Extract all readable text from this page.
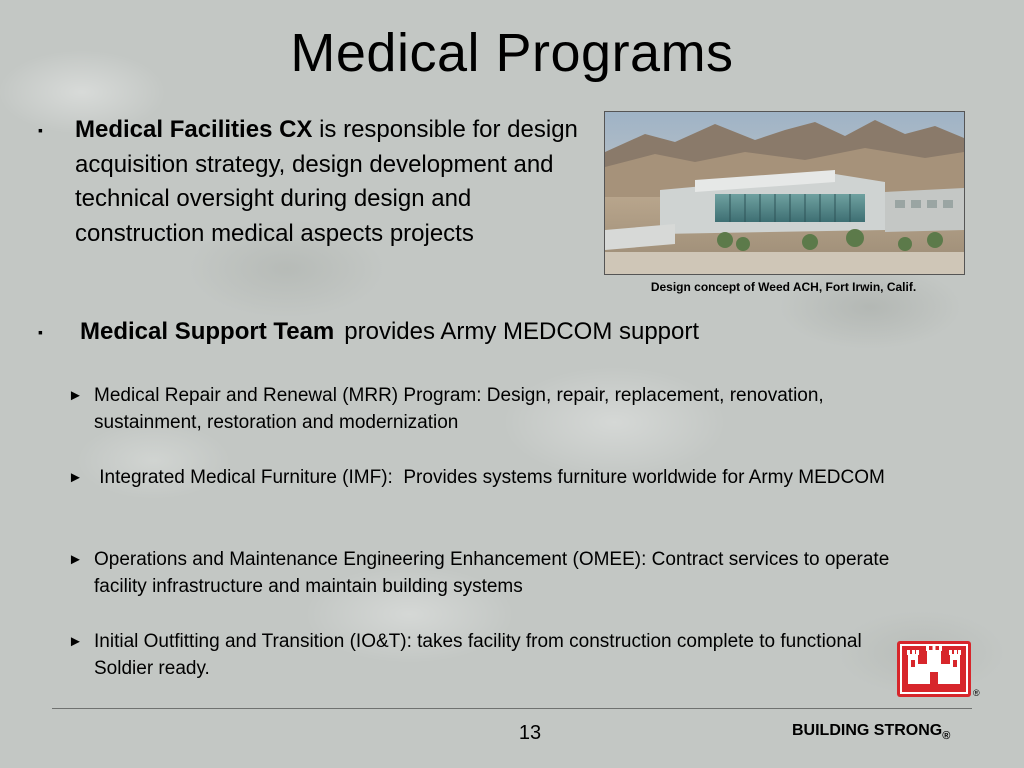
Medical Programs
▪ Medical Facilities CX is responsible for design acquisition strategy, design development and technical oversight during design and construction medical aspects projects
Design concept of Weed ACH, Fort Irwin, Calif.
▪ Medical Support Team provides Army MEDCOM support
► Medical Repair and Renewal (MRR) Program: Design, repair, replacement, renovation, sustainment, restoration and modernization
► Integrated Medical Furniture (IMF):  Provides systems furniture worldwide for Army MEDCOM
► Operations and Maintenance Engineering Enhancement (OMEE): Contract services to operate facility infrastructure and maintain building systems
► Initial Outfitting and Transition (IO&T): takes facility from construction complete to functional Soldier ready.
®
13	BUILDING $STRONG_®$
